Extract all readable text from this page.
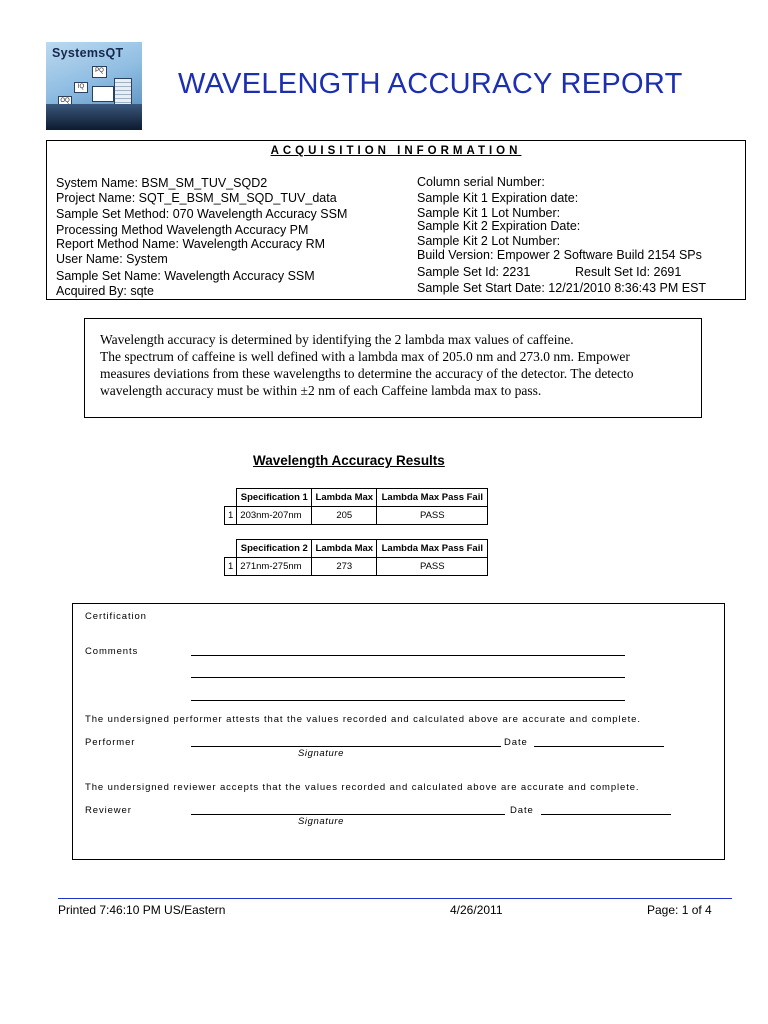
SystemsQT
PQ
IQ
OQ
WAVELENGTH ACCURACY REPORT
ACQUISITION INFORMATION
System Name: BSM_SM_TUV_SQD2
Project Name: SQT_E_BSM_SM_SQD_TUV_data
Sample Set Method: 070 Wavelength Accuracy SSM
Processing Method Wavelength Accuracy PM
Report Method Name: Wavelength Accuracy RM
User Name: System
Sample Set Name: Wavelength Accuracy SSM
Acquired By: sqte
Column serial Number:
Sample Kit 1 Expiration date:
Sample Kit 1 Lot Number:
Sample Kit 2 Expiration Date:
Sample Kit 2 Lot Number:
Build Version: Empower 2 Software Build 2154 SPs
Sample Set Id: 2231	Result Set Id: 2691
Sample Set Start Date: 12/21/2010 8:36:43 PM EST
Wavelength accuracy is determined by identifying the 2 lambda max values of caffeine.
The spectrum of caffeine is well defined with a lambda max of 205.0 nm and 273.0 nm. Empower
measures deviations from these wavelengths to determine the accuracy of the detector. The detecto
wavelength accuracy must be within ±2 nm of each Caffeine lambda max to pass.
Wavelength Accuracy Results
	Specification 1	Lambda Max	Lambda Max Pass Fail
1	203nm-207nm	205	PASS
	Specification 2	Lambda Max	Lambda Max Pass Fail
1	271nm-275nm	273	PASS
Certification
Comments
The undersigned performer attests that the values recorded and calculated above are accurate and complete.
Performer
Signature
Date
The undersigned reviewer accepts that the values recorded and calculated above are accurate and complete.
Reviewer
Signature
Date
Printed 7:46:10 PM US/Eastern	4/26/2011	Page: 1 of 4
